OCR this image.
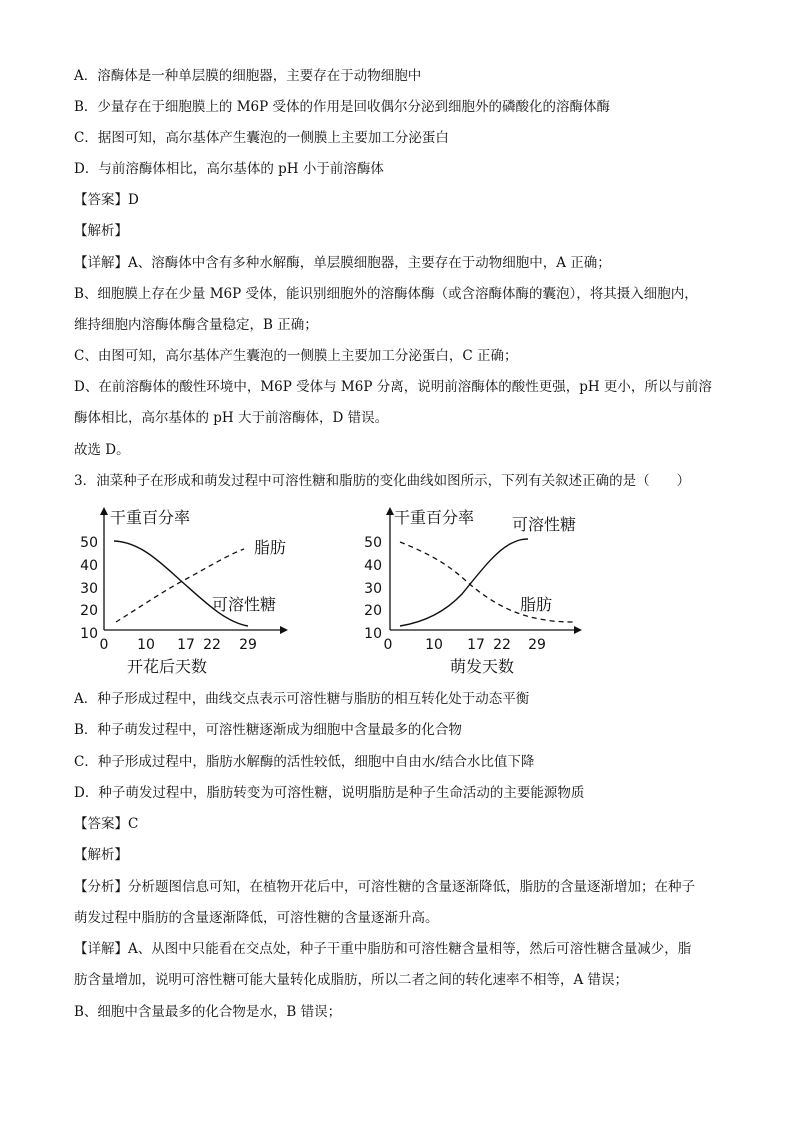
A．溶酶体是一种单层膜的细胞器，主要存在于动物细胞中
B．少量存在于细胞膜上的 M6P 受体的作用是回收偶尔分泌到细胞外的磷酸化的溶酶体酶
C．据图可知，高尔基体产生囊泡的一侧膜上主要加工分泌蛋白
D．与前溶酶体相比，高尔基体的 pH 小于前溶酶体
【答案】D
【解析】
【详解】A、溶酶体中含有多种水解酶，单层膜细胞器，主要存在于动物细胞中，A 正确；
B、细胞膜上存在少量 M6P 受体，能识别细胞外的溶酶体酶（或含溶酶体酶的囊泡），将其摄入细胞内，
维持细胞内溶酶体酶含量稳定，B 正确；
C、由图可知，高尔基体产生囊泡的一侧膜上主要加工分泌蛋白，C 正确；
D、在前溶酶体的酸性环境中，M6P 受体与 M6P 分离，说明前溶酶体的酸性更强，pH 更小，所以与前溶
酶体相比，高尔基体的 pH 大于前溶酶体，D 错误。
故选 D。
3．油菜种子在形成和萌发过程中可溶性糖和脂肪的变化曲线如图所示，下列有关叙述正确的是（　　）
干重百分率
开花后天数
50
40
30
20
10
0 10 17 22 29
脂肪
可溶性糖
干重百分率
萌发天数
50
40
30
20
10
0 10 17 22 29
可溶性糖
脂肪
A．种子形成过程中，曲线交点表示可溶性糖与脂肪的相互转化处于动态平衡
B．种子萌发过程中，可溶性糖逐渐成为细胞中含量最多的化合物
C．种子形成过程中，脂肪水解酶的活性较低，细胞中自由水/结合水比值下降
D．种子萌发过程中，脂肪转变为可溶性糖，说明脂肪是种子生命活动的主要能源物质
【答案】C
【解析】
【分析】分析题图信息可知，在植物开花后中，可溶性糖的含量逐渐降低，脂肪的含量逐渐增加；在种子
萌发过程中脂肪的含量逐渐降低，可溶性糖的含量逐渐升高。
【详解】A、从图中只能看在交点处，种子干重中脂肪和可溶性糖含量相等，然后可溶性糖含量减少，脂
肪含量增加，说明可溶性糖可能大量转化成脂肪，所以二者之间的转化速率不相等，A 错误；
B、细胞中含量最多的化合物是水，B 错误；
